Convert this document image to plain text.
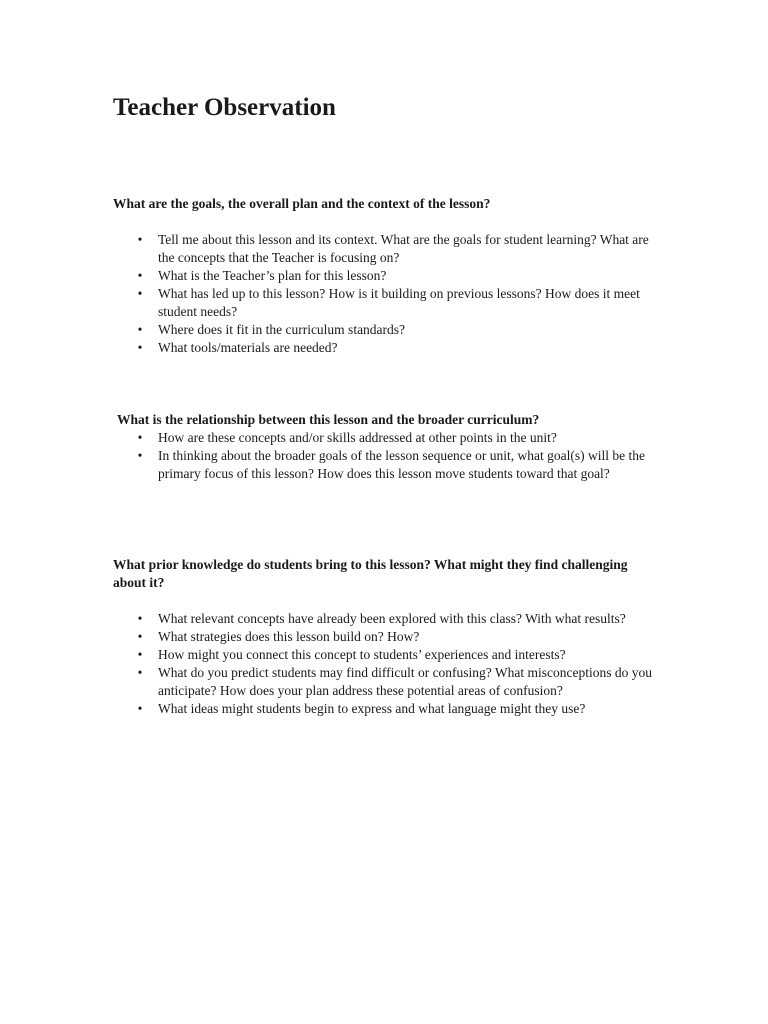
Teacher Observation

What are the goals, the overall plan and the context of the lesson?

• Tell me about this lesson and its context. What are the goals for student learning? What are the concepts that the Teacher is focusing on?
• What is the Teacher’s plan for this lesson?
• What has led up to this lesson? How is it building on previous lessons? How does it meet student needs?
• Where does it fit in the curriculum standards?
• What tools/materials are needed?

What is the relationship between this lesson and the broader curriculum?

• How are these concepts and/or skills addressed at other points in the unit?
• In thinking about the broader goals of the lesson sequence or unit, what goal(s) will be the primary focus of this lesson? How does this lesson move students toward that goal?

What prior knowledge do students bring to this lesson? What might they find challenging about it?

• What relevant concepts have already been explored with this class? With what results?
• What strategies does this lesson build on? How?
• How might you connect this concept to students’ experiences and interests?
• What do you predict students may find difficult or confusing? What misconceptions do you anticipate? How does your plan address these potential areas of confusion?
• What ideas might students begin to express and what language might they use?
